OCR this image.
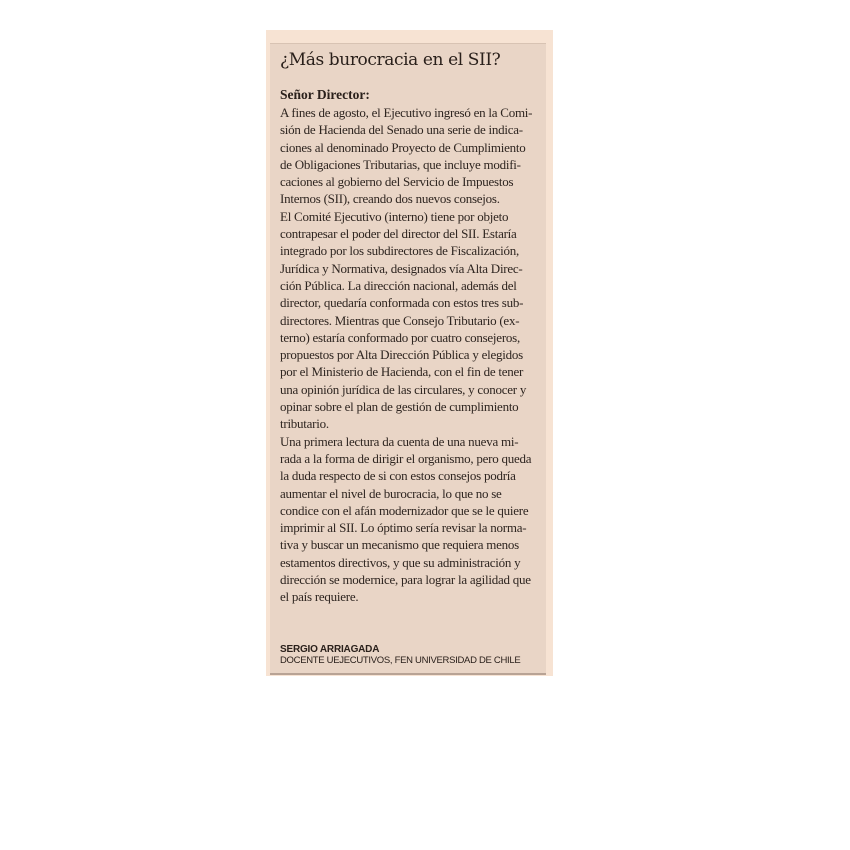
¿Más burocracia en el SII?
Señor Director:
A fines de agosto, el Ejecutivo ingresó en la Comi-
sión de Hacienda del Senado una serie de indica-
ciones al denominado Proyecto de Cumplimiento
de Obligaciones Tributarias, que incluye modifi-
caciones al gobierno del Servicio de Impuestos
Internos (SII), creando dos nuevos consejos.
El Comité Ejecutivo (interno) tiene por objeto
contrapesar el poder del director del SII. Estaría
integrado por los subdirectores de Fiscalización,
Jurídica y Normativa, designados vía Alta Direc-
ción Pública. La dirección nacional, además del
director, quedaría conformada con estos tres sub-
directores. Mientras que Consejo Tributario (ex-
terno) estaría conformado por cuatro consejeros,
propuestos por Alta Dirección Pública y elegidos
por el Ministerio de Hacienda, con el fin de tener
una opinión jurídica de las circulares, y conocer y
opinar sobre el plan de gestión de cumplimiento
tributario.
Una primera lectura da cuenta de una nueva mi-
rada a la forma de dirigir el organismo, pero queda
la duda respecto de si con estos consejos podría
aumentar el nivel de burocracia, lo que no se
condice con el afán modernizador que se le quiere
imprimir al SII. Lo óptimo sería revisar la norma-
tiva y buscar un mecanismo que requiera menos
estamentos directivos, y que su administración y
dirección se modernice, para lograr la agilidad que
el país requiere.
SERGIO ARRIAGADA
DOCENTE UEJECUTIVOS, FEN UNIVERSIDAD DE CHILE
